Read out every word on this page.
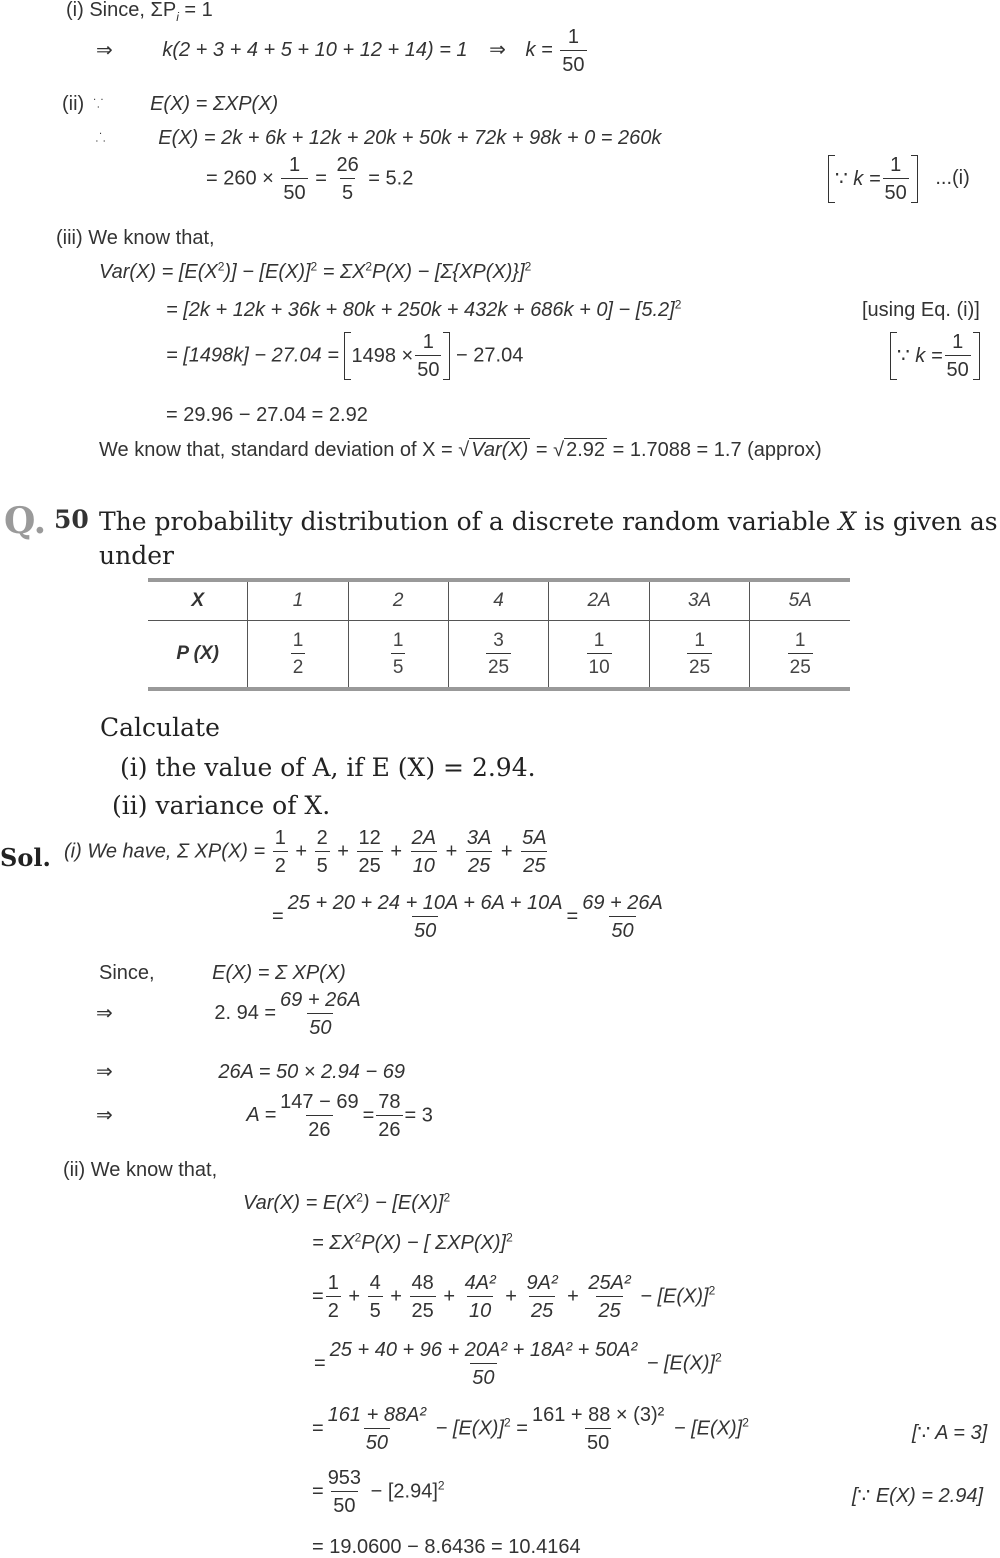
(i) Since, $\Sigma P_i = 1$
⇒ k(2 + 3 + 4 + 5 + 10 + 12 + 14) = 1 ⇒ $k = \frac{1}{50}$
(ii) ∵ E(X) = ΣXP(X)
∴ E(X) = 2k + 6k + 12k + 20k + 50k + 72k + 98k + 0 = 260k
= $260 \times \frac{1}{50} = \frac{26}{5} = 5.2$	∵ $k = \frac{1}{50} ...(i)$
(iii) We know that,
$Var(X) = [E(X^2)] - [E(X)]^2 = \Sigma X^2P(X) - [\Sigma\{XP(X)\}]^2$
= $[2k + 12k + 36k + 80k + 250k + 432k + 686k + 0] - [5.2]^2$	[using Eq. (i)]
= $[1498k] - 27.04 = 1498 \times \frac{1}{50} - 27.04$	∵ $k = \frac{1}{50}$
= 29.96 − 27.04 = 2.92
We know that, standard deviation of X = √ Var(X) = √ 2.92 = 1.7088 = 1.7 (approx)
Q. 50 The probability distribution of a discrete random variable X is given as under
X	1	2	4	2A	3A	5A
P (X)	$\frac{1}{2}$	$\frac{1}{5}$	$\frac{3}{25}$	$\frac{1}{10}$	$\frac{1}{25}$	$\frac{1}{25}$
Calculate
(i) the value of A, if E (X) = 2.94.
(ii) variance of X.
Sol. (i) We have, Σ $XP(X) = \frac{1}{2} + \frac{2}{5} + \frac{12}{25} + \frac{2A}{10} + \frac{3A}{25} + \frac{5A}{25}$
= $\frac{25 + 20 + 24 + 10A + 6A + 10A}{50} = \frac{69 + 26A}{50}$
Since,	E(X) = Σ XP(X)
⇒	2. $94 = \frac{69 + 26A}{50}$
⇒	26A = 50 × 2.94 − 69
⇒	$A = \frac{147 - 69}{26} = \frac{78}{26} = 3$
(ii) We know that,
$Var(X) = E(X^2) - [E(X)]^2$
= $\Sigma X^2P(X)$ − [ ΣXP(X)]$^2$
= $\frac{1}{2} + \frac{4}{5} + \frac{48}{25} + \frac{\text{4A²}}{10} + \frac{\text{9A²}}{25} + \frac{\text{25A²}}{25} - [E(X)]^2$
= $\frac{\text{25 + 40 + 96 + 20A² + 18A² + 50A²}}{50} - [E(X)]^2$
= $\frac{\text{161 + 88A²}}{50} - [E(X)]^2 = \frac{\text{161 + 88 × (3)²}}{50} - [E(X)]^2$	[∵ A = 3]
= $\frac{953}{50} - [2.94]^2$	[∵ E(X) = 2.94]
= 19.0600 − 8.6436 = 10.4164
